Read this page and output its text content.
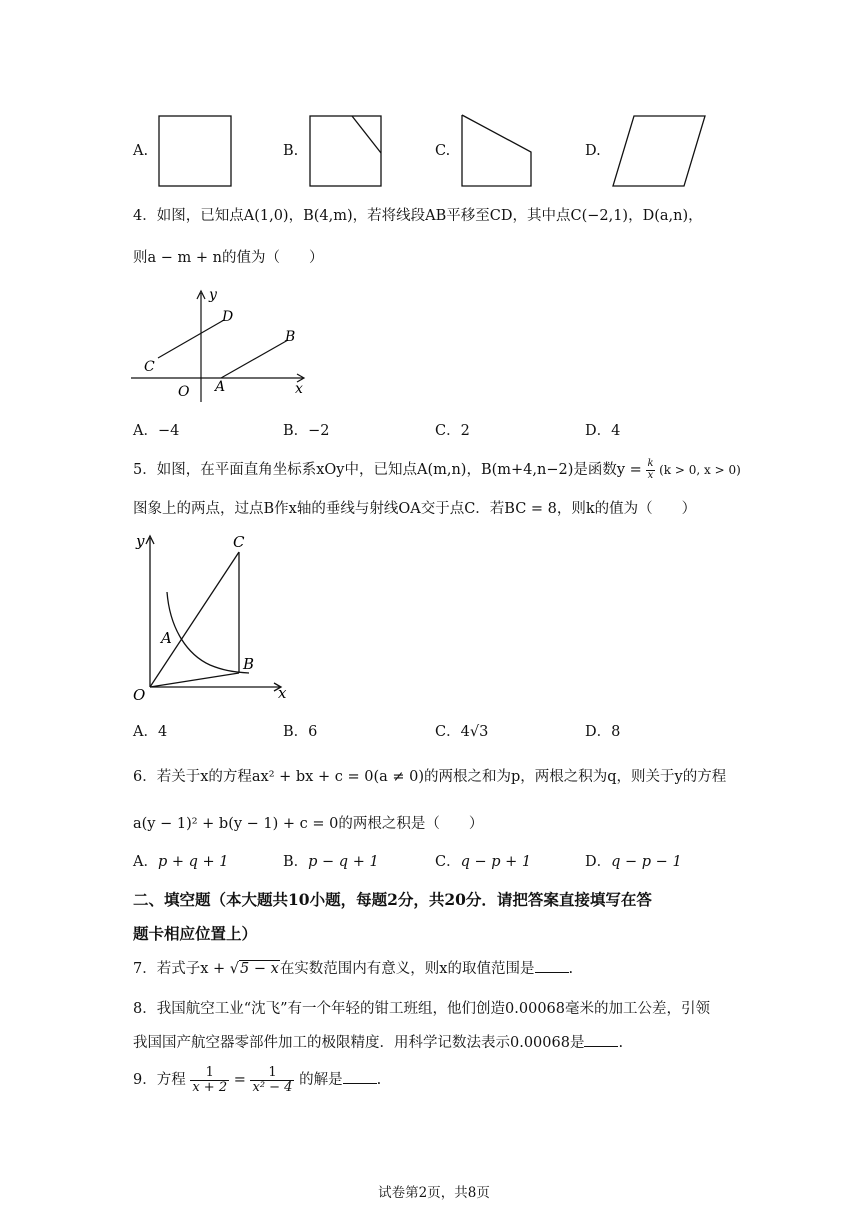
A.	B.	C.	D.
4．如图，已知点A(1,0)，B(4,m)，若将线段AB平移至CD，其中点C(−2,1)，D(a,n)，
则a − m + n的值为（　　）
y
x
O A
B
C
D
A．−4	B．−2	C．2	D．4
5．如图，在平面直角坐标系xOy中，已知点A(m,n)，B(m+4,n−2)是函数$y = \frac{k}{x} (k > 0$, x > 0)
图象上的两点，过点B作x轴的垂线与射线OA交于点C．若BC = 8，则k的值为（　　）
y
x
O
A
B
C
A．4	B．6	C．4√3	D．8
6．若关于x的方程ax² + bx + c = 0(a ≠ 0)的两根之和为p，两根之积为q，则关于y的方程
a(y − 1)² + b(y − 1) + c = 0的两根之积是（　　）
A．p + q + 1	B．p − q + 1	C．q − p + 1	D．q − p − 1
二、填空题（本大题共10小题，每题2分，共20分．请把答案直接填写在答
题卡相应位置上）
7．若式子x + √5 − x在实数范围内有意义，则x的取值范围是 .
8．我国航空工业“沈飞”有一个年轻的钳工班组，他们创造0.00068毫米的加工公差，引领
我国国产航空器零部件加工的极限精度．用科学记数法表示0.00068是 .
9．方程 $\frac{1}{x + 2} = \frac{1}{\text{x² − 4}}$ 的解是 .
试卷第2页，共8页
